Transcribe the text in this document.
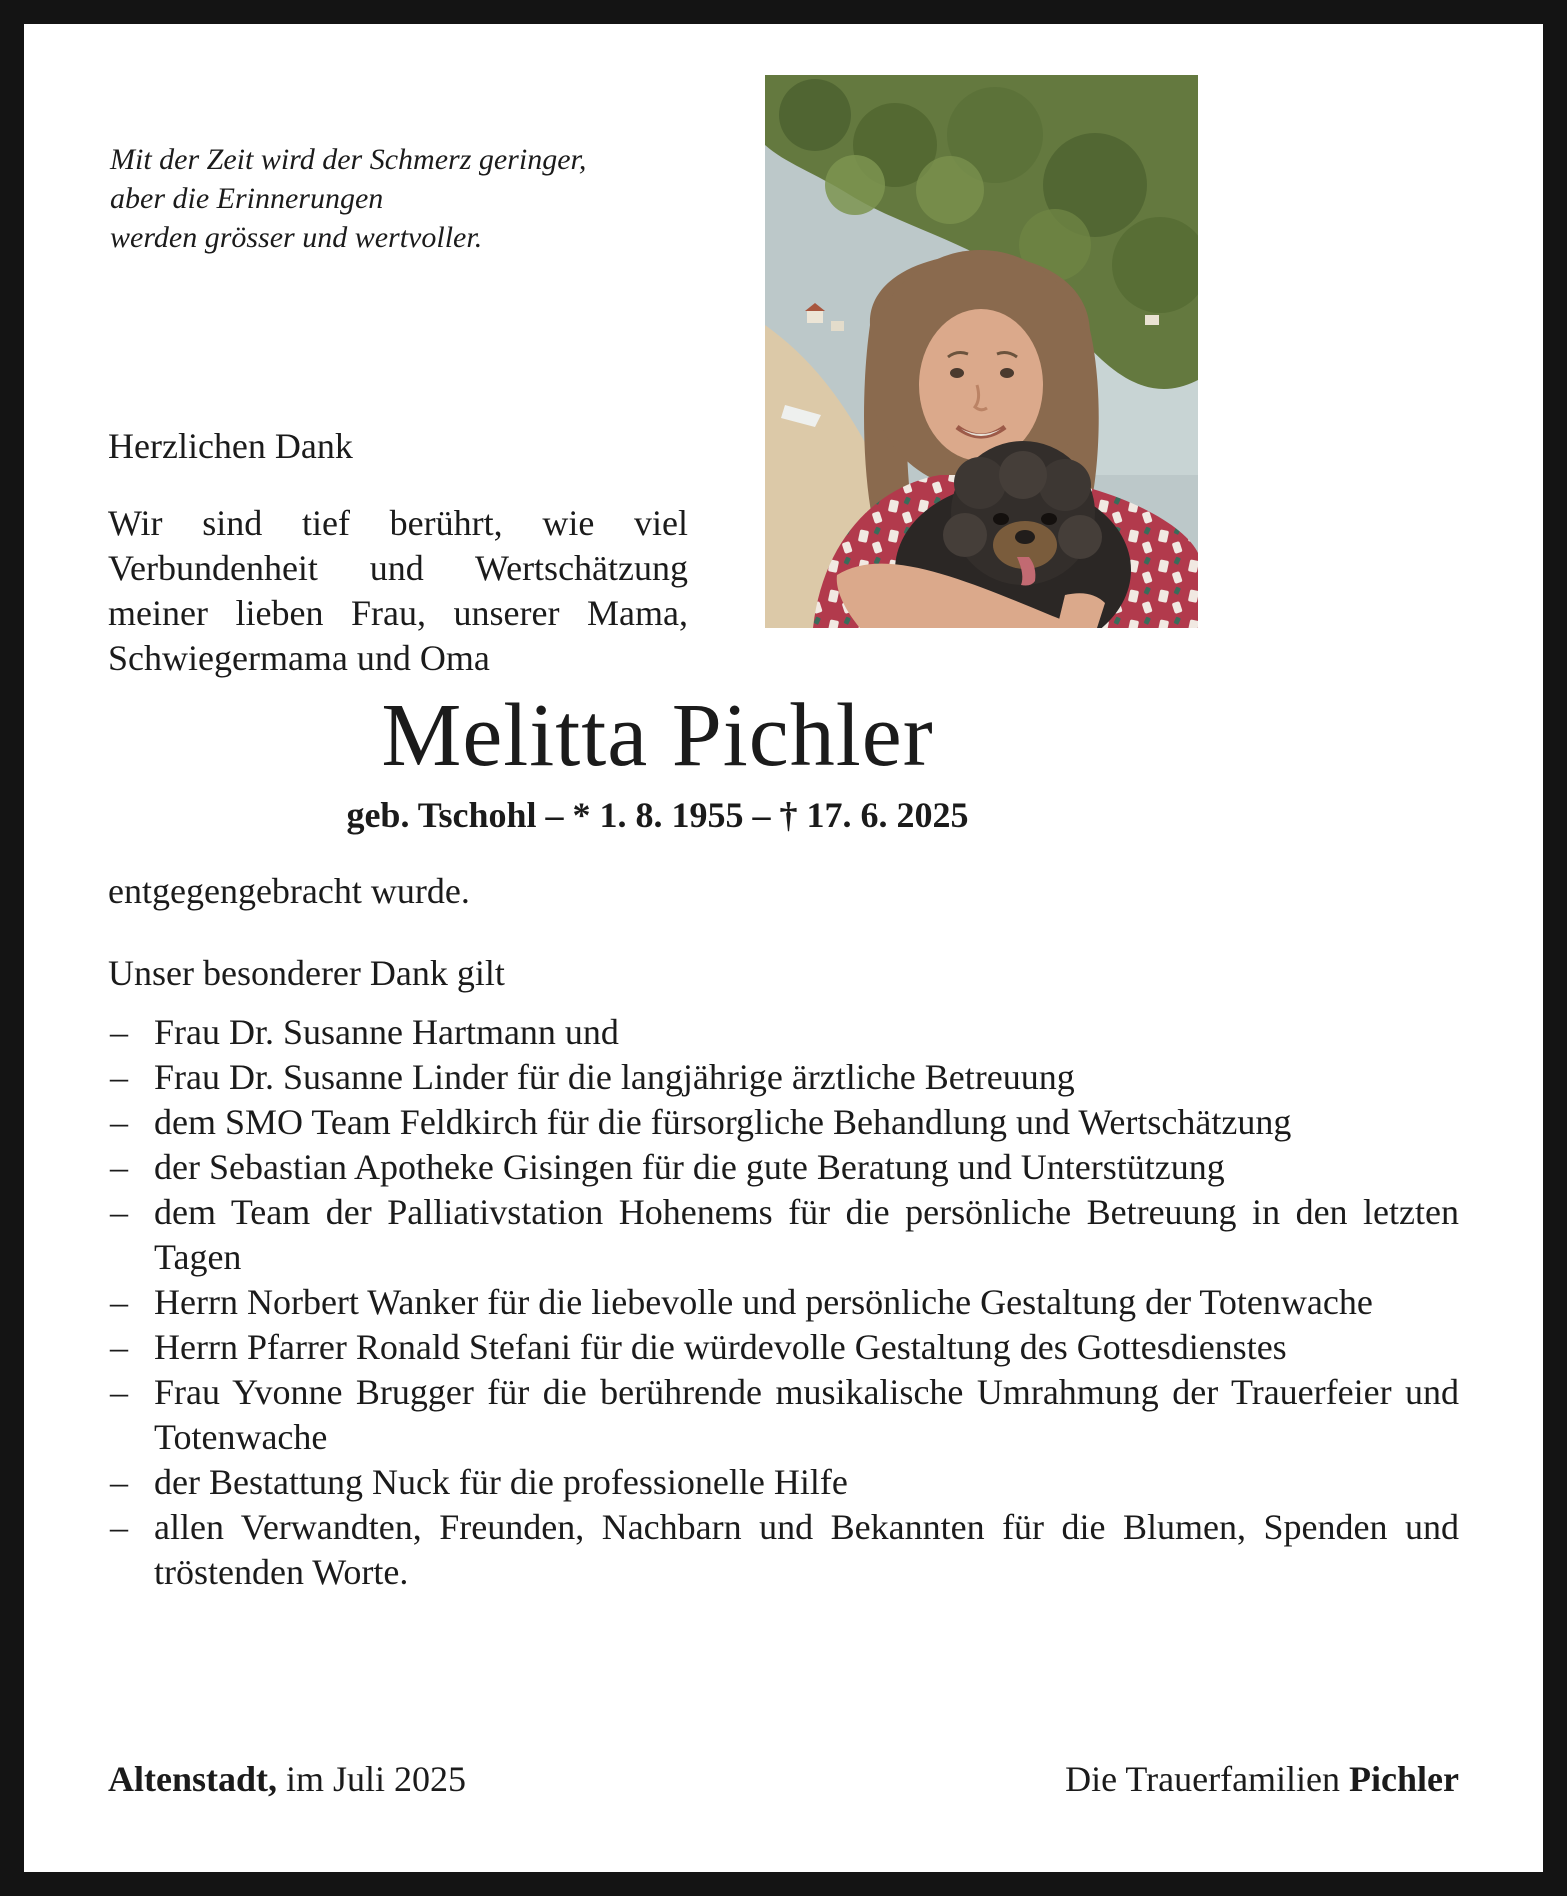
Mit der Zeit wird der Schmerz geringer,

aber die Erinnerungen

werden grösser und wertvoller.

Herzlichen Dank

Wir sind tief berührt, wie viel Verbundenheit und Wertschätzung meiner lieben Frau, unserer Mama, Schwiegermama und Oma

Melitta Pichler

geb. Tschohl – * 1. 8. 1955 – † 17. 6. 2025

entgegengebracht wurde.

Unser besonderer Dank gilt

– Frau Dr. Susanne Hartmann und
– Frau Dr. Susanne Linder für die langjährige ärztliche Betreuung
– dem SMO Team Feldkirch für die fürsorgliche Behandlung und Wertschätzung
– der Sebastian Apotheke Gisingen für die gute Beratung und Unterstützung
– dem Team der Palliativstation Hohenems für die persönliche Betreuung in den letzten Tagen
– Herrn Norbert Wanker für die liebevolle und persönliche Gestaltung der Totenwache
– Herrn Pfarrer Ronald Stefani für die würdevolle Gestaltung des Gottesdienstes
– Frau Yvonne Brugger für die berührende musikalische Umrahmung der Trauerfeier und Totenwache
– der Bestattung Nuck für die professionelle Hilfe
– allen Verwandten, Freunden, Nachbarn und Bekannten für die Blumen, Spenden und tröstenden Worte.

Altenstadt, im Juli 2025	Die Trauerfamilien Pichler
